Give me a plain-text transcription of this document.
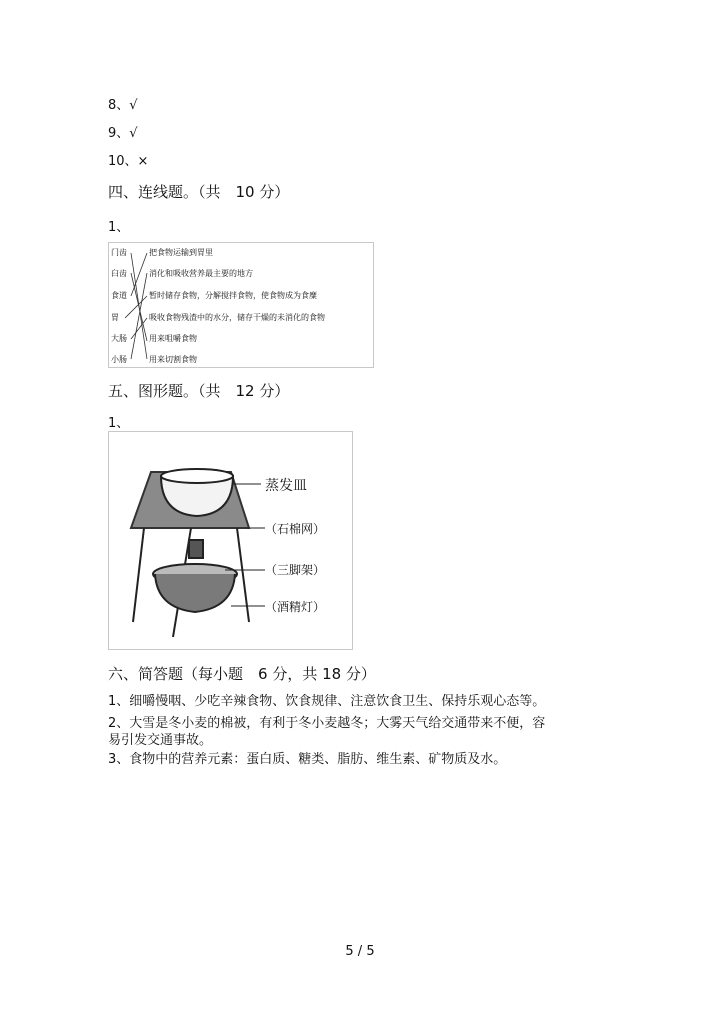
8、√
9、√
10、×
四、连线题。（共　10 分）
1、
门齿
臼齿
食道
胃
大肠
小肠
把食物运输到胃里
消化和吸收营养最主要的地方
暂时储存食物，分解搅拌食物，使食物成为食糜
吸收食物残渣中的水分，储存干燥的未消化的食物
用来咀嚼食物
用来切割食物
五、图形题。（共　12 分）
1、
蒸发皿
（石棉网）
（三脚架）
（酒精灯）
六、简答题（每小题　6 分，共 18 分）
1、细嚼慢咽、少吃辛辣食物、饮食规律、注意饮食卫生、保持乐观心态等。
2、大雪是冬小麦的棉被，有利于冬小麦越冬；大雾天气给交通带来不便，容
易引发交通事故。
3、食物中的营养元素：蛋白质、糖类、脂肪、维生素、矿物质及水。
5 / 5
